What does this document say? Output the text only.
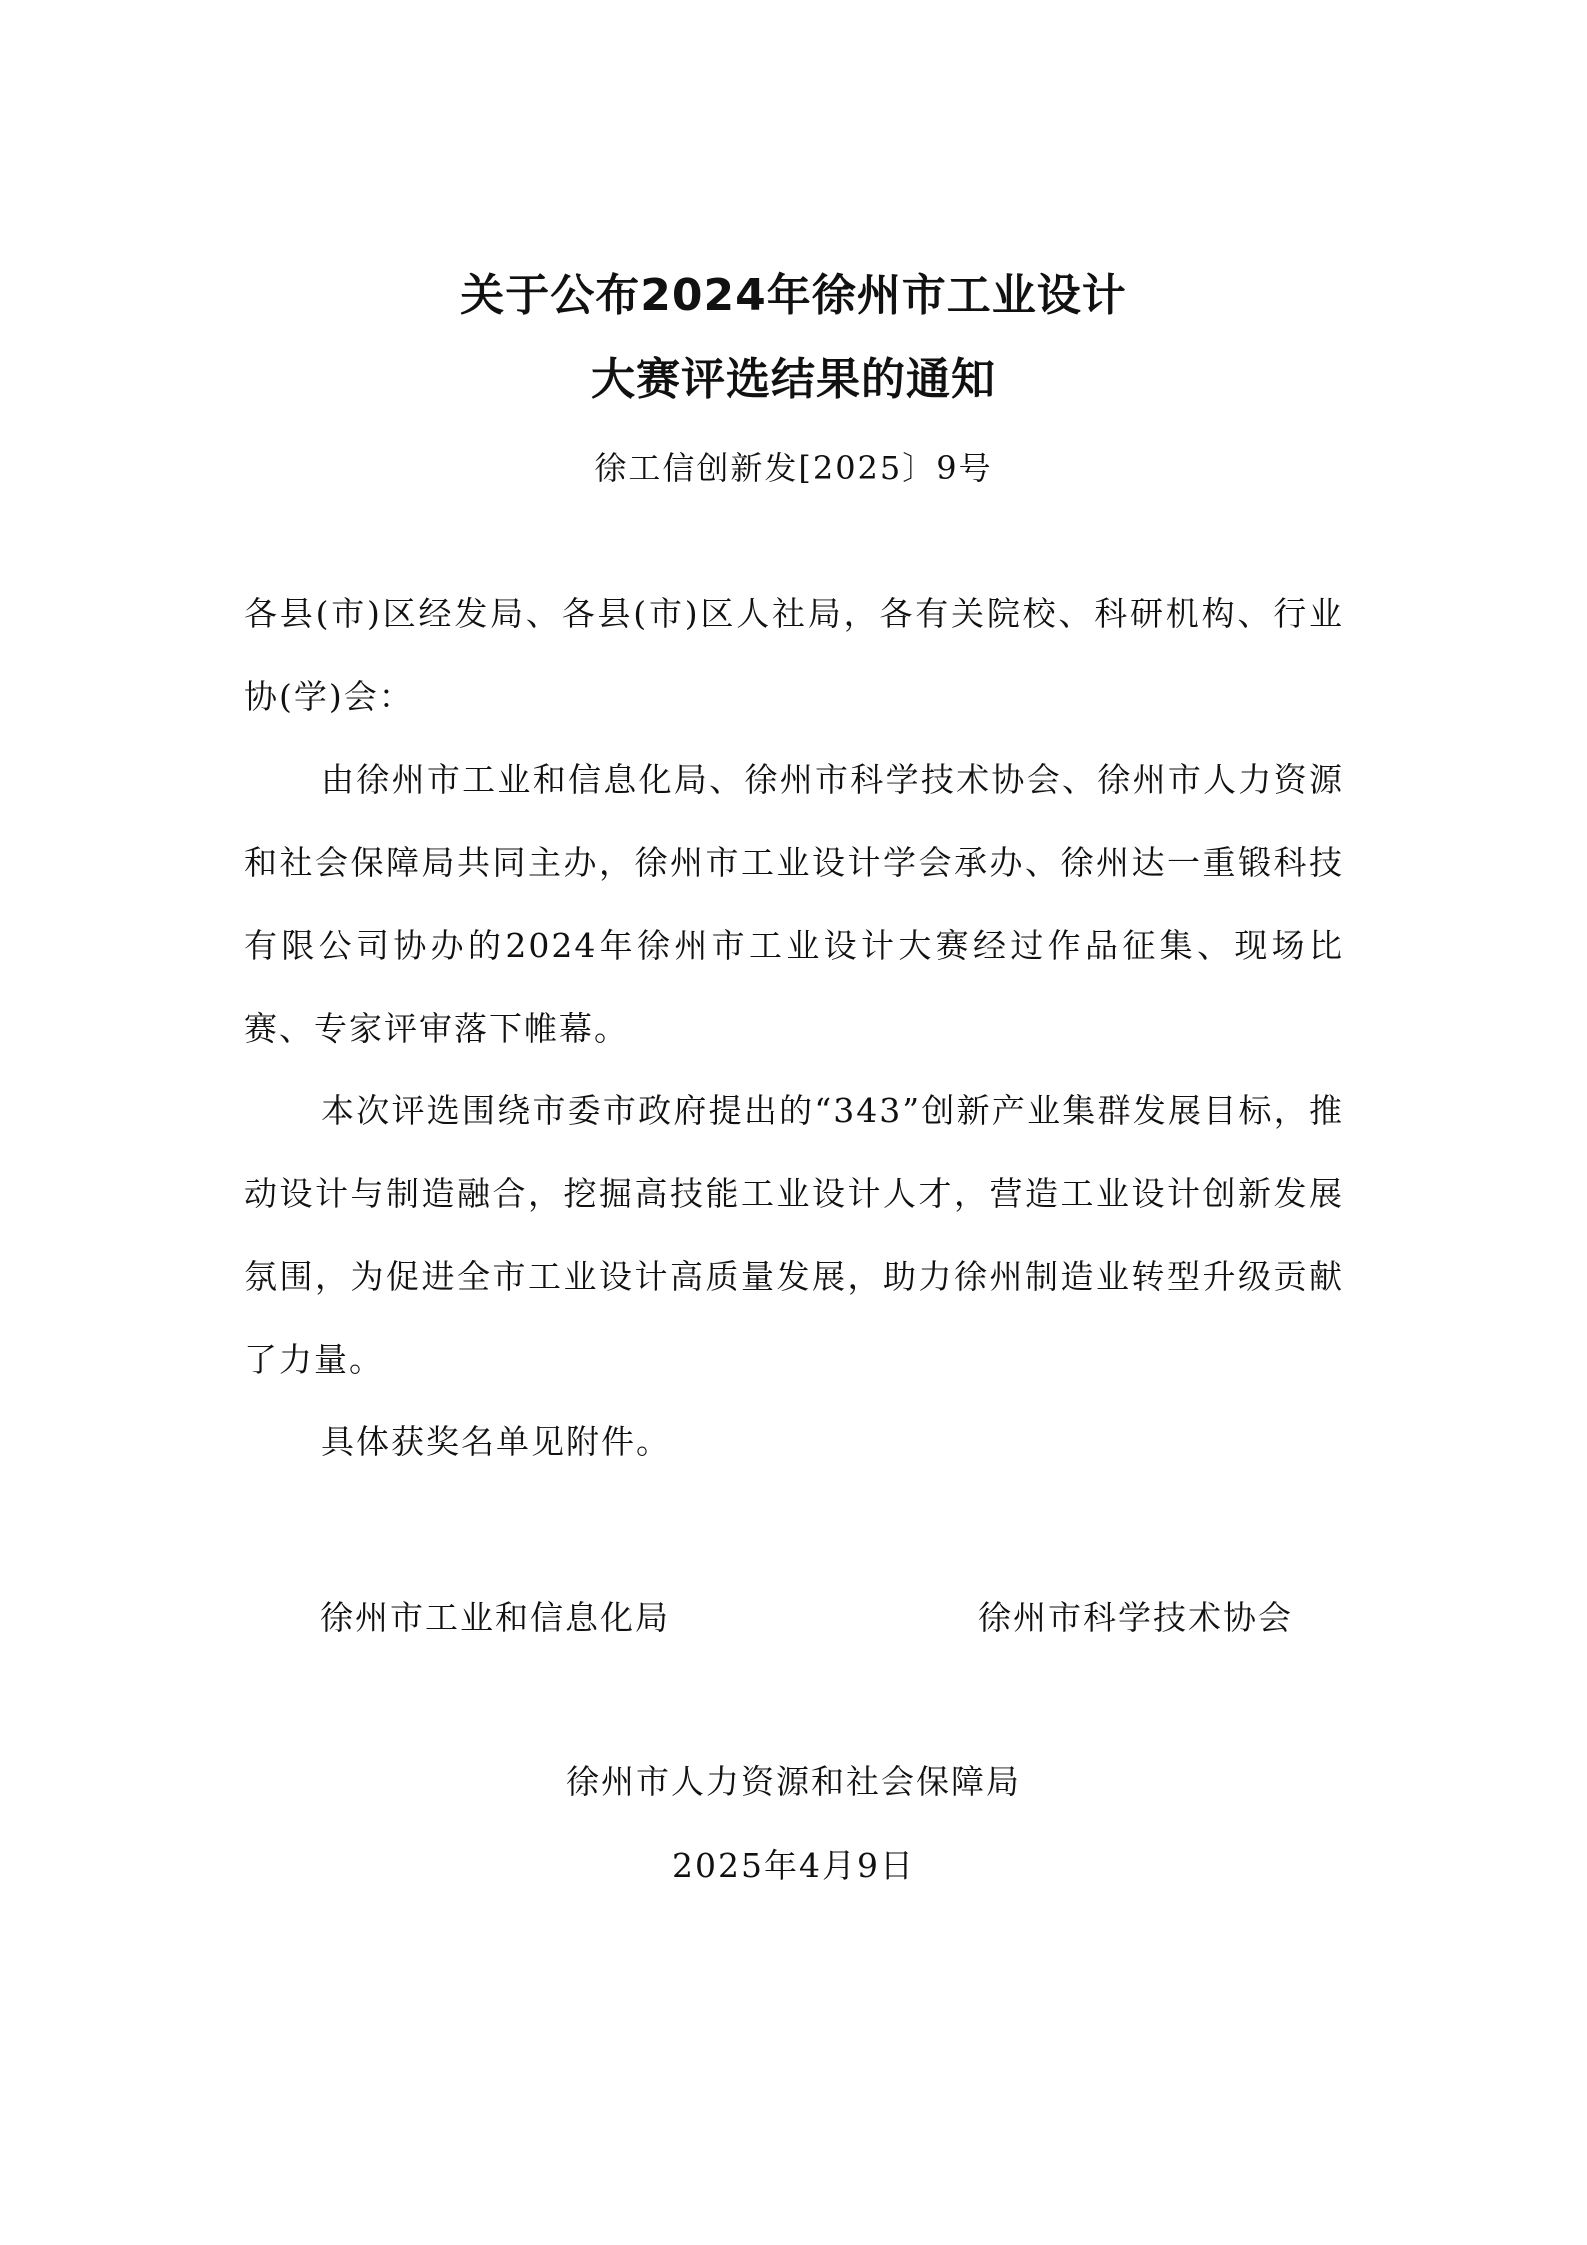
关于公布2024年徐州市工业设计
大赛评选结果的通知
徐工信创新发[2025〕9号
各县(市)区经发局、各县(市)区人社局，各有关院校、科研机构、行业协(学)会：

由徐州市工业和信息化局、徐州市科学技术协会、徐州市人力资源和社会保障局共同主办，徐州市工业设计学会承办、徐州达一重锻科技有限公司协办的2024年徐州市工业设计大赛经过作品征集、现场比赛、专家评审落下帷幕。

本次评选围绕市委市政府提出的“343”创新产业集群发展目标，推动设计与制造融合，挖掘高技能工业设计人才，营造工业设计创新发展氛围，为促进全市工业设计高质量发展，助力徐州制造业转型升级贡献了力量。

具体获奖名单见附件。

徐州市工业和信息化局	徐州市科学技术协会
徐州市人力资源和社会保障局
2025年4月9日
